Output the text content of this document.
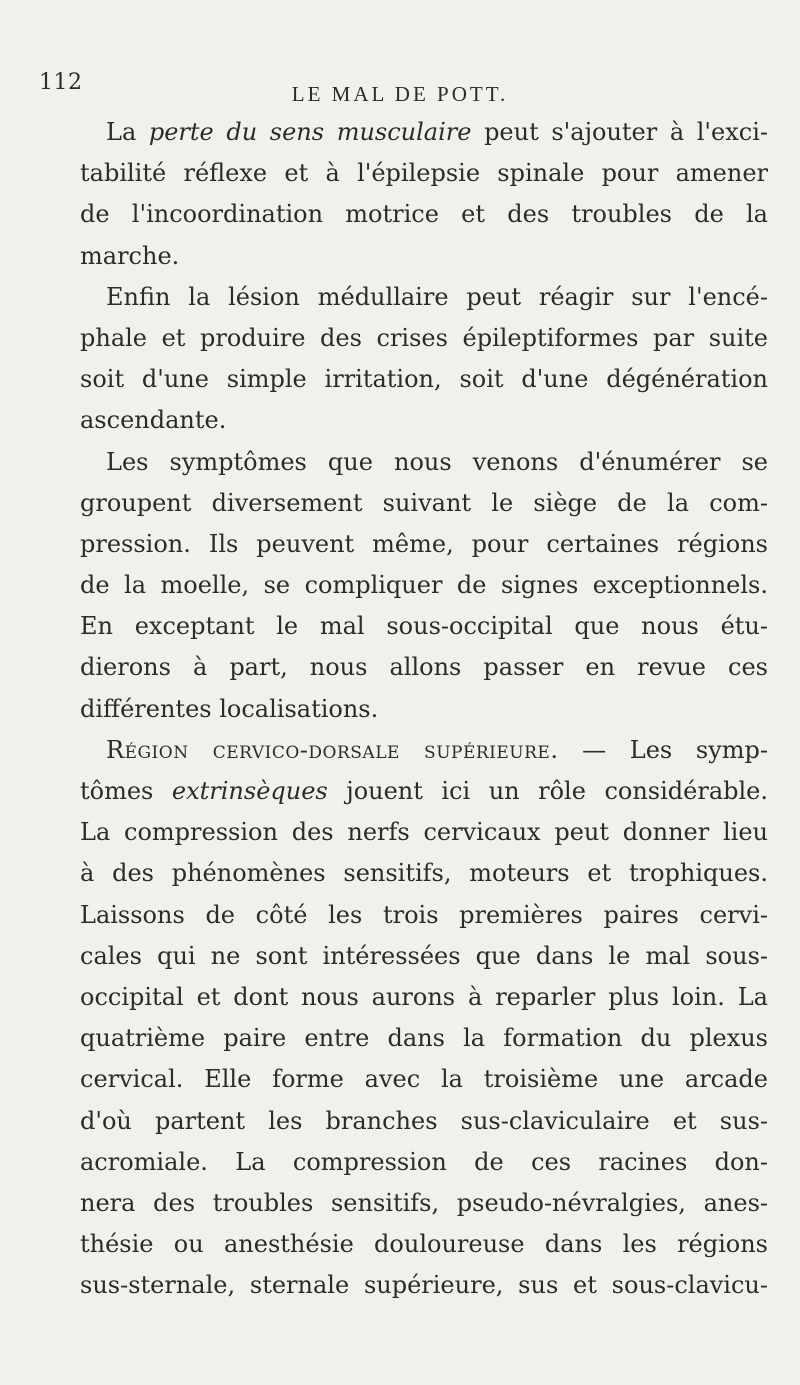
112	LE MAL DE POTT.
La perte du sens musculaire peut s'ajouter à l'exci-
tabilité réflexe et à l'épilepsie spinale pour amener
de l'incoordination motrice et des troubles de la
marche.
Enfin la lésion médullaire peut réagir sur l'encé-
phale et produire des crises épileptiformes par suite
soit d'une simple irritation, soit d'une dégénération
ascendante.
Les symptômes que nous venons d'énumérer se
groupent diversement suivant le siège de la com-
pression. Ils peuvent même, pour certaines régions
de la moelle, se compliquer de signes exceptionnels.
En exceptant le mal sous-occipital que nous étu-
dierons à part, nous allons passer en revue ces
différentes localisations.
Région cervico-dorsale supérieure. — Les symp-
tômes extrinsèques jouent ici un rôle considérable.
La compression des nerfs cervicaux peut donner lieu
à des phénomènes sensitifs, moteurs et trophiques.
Laissons de côté les trois premières paires cervi-
cales qui ne sont intéressées que dans le mal sous-
occipital et dont nous aurons à reparler plus loin. La
quatrième paire entre dans la formation du plexus
cervical. Elle forme avec la troisième une arcade
d'où partent les branches sus-claviculaire et sus-
acromiale. La compression de ces racines don-
nera des troubles sensitifs, pseudo-névralgies, anes-
thésie ou anesthésie douloureuse dans les régions
sus-sternale, sternale supérieure, sus et sous-clavicu-
